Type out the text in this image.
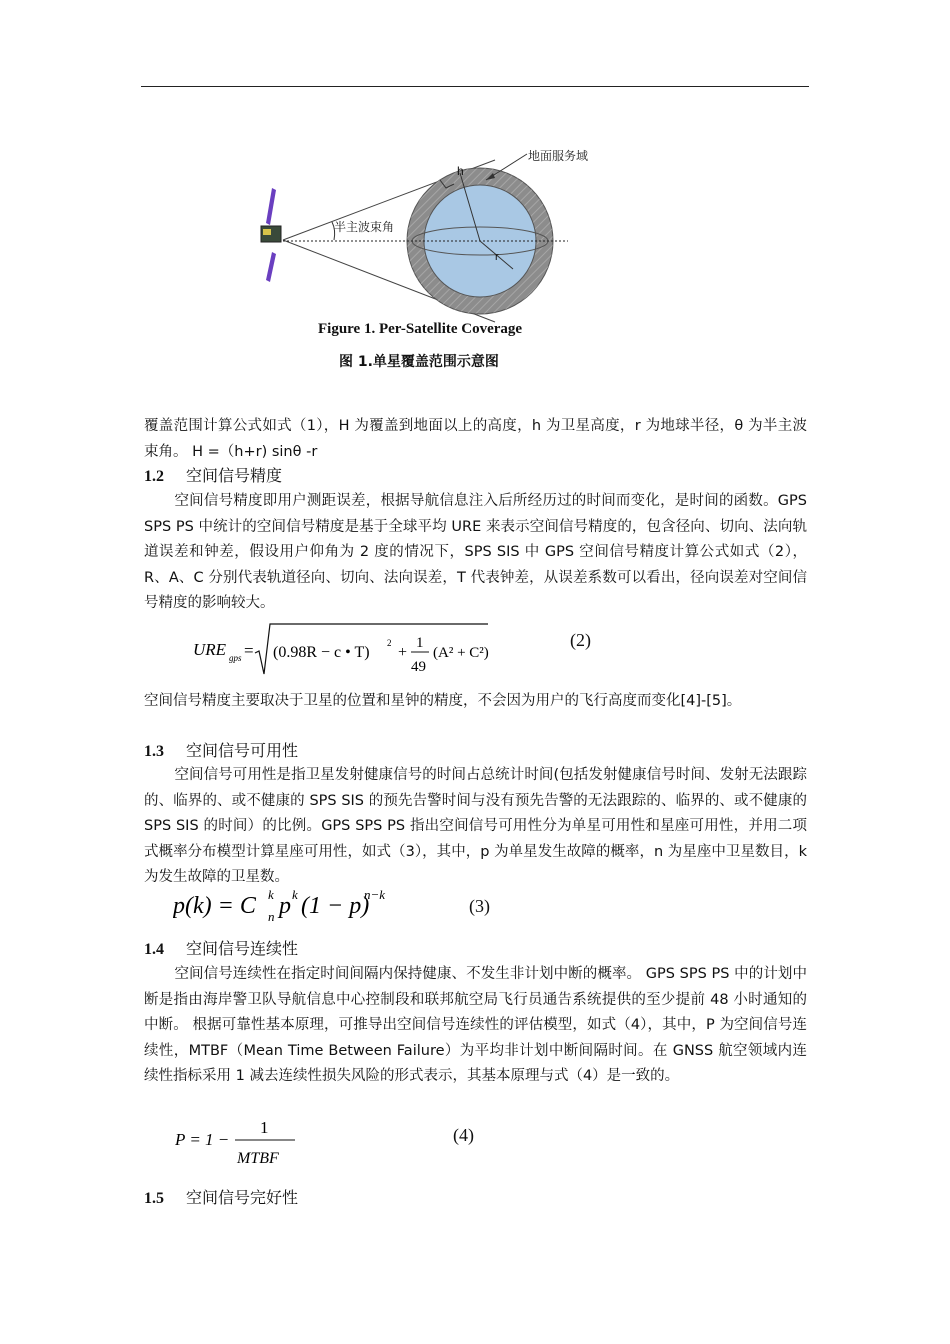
地面服务域
h
半主波束角
r
Figure 1. Per-Satellite Coverage
图 1.单星覆盖范围示意图

覆盖范围计算公式如式（1），H 为覆盖到地面以上的高度，h 为卫星高度，r 为地球半径，θ 为半主波束角。 H =（h+r) sinθ -r

1.2 空间信号精度

空间信号精度即用户测距误差，根据导航信息注入后所经历过的时间而变化，是时间的函数。GPS SPS PS 中统计的空间信号精度是基于全球平均 URE 来表示空间信号精度的，包含径向、切向、法向轨道误差和钟差，假设用户仰角为 2 度的情况下，SPS SIS 中 GPS 空间信号精度计算公式如式（2），R、A、C 分别代表轨道径向、切向、法向误差，T 代表钟差，从误差系数可以看出，径向误差对空间信号精度的影响较大。

URE gps = (0.98R − c • T)
2
+
1
49
(A² + C²)
(2)

空间信号精度主要取决于卫星的位置和星钟的精度，不会因为用户的飞行高度而变化[4]-[5]。

1.3 空间信号可用性

空间信号可用性是指卫星发射健康信号的时间占总统计时间(包括发射健康信号时间、发射无法跟踪的、临界的、或不健康的 SPS SIS 的预先告警时间与没有预先告警的无法跟踪的、临界的、或不健康的 SPS SIS 的时间）的比例。GPS SPS PS 指出空间信号可用性分为单星可用性和星座可用性，并用二项式概率分布模型计算星座可用性，如式（3），其中，p 为单星发生故障的概率，n 为星座中卫星数目，k 为发生故障的卫星数。

p(k) = C k
n p k (1 − p)
n−k
(3)
1.4 空间信号连续性

空间信号连续性在指定时间间隔内保持健康、不发生非计划中断的概率。 GPS SPS PS 中的计划中断是指由海岸警卫队导航信息中心控制段和联邦航空局飞行员通告系统提供的至少提前 48 小时通知的中断。 根据可靠性基本原理，可推导出空间信号连续性的评估模型，如式（4），其中，P 为空间信号连续性，MTBF（Mean Time Between Failure）为平均非计划中断间隔时间。在 GNSS 航空领域内连续性指标采用 1 减去连续性损失风险的形式表示，其基本原理与式（4）是一致的。

P = 1 −
1
MTBF
(4)
1.5 空间信号完好性
